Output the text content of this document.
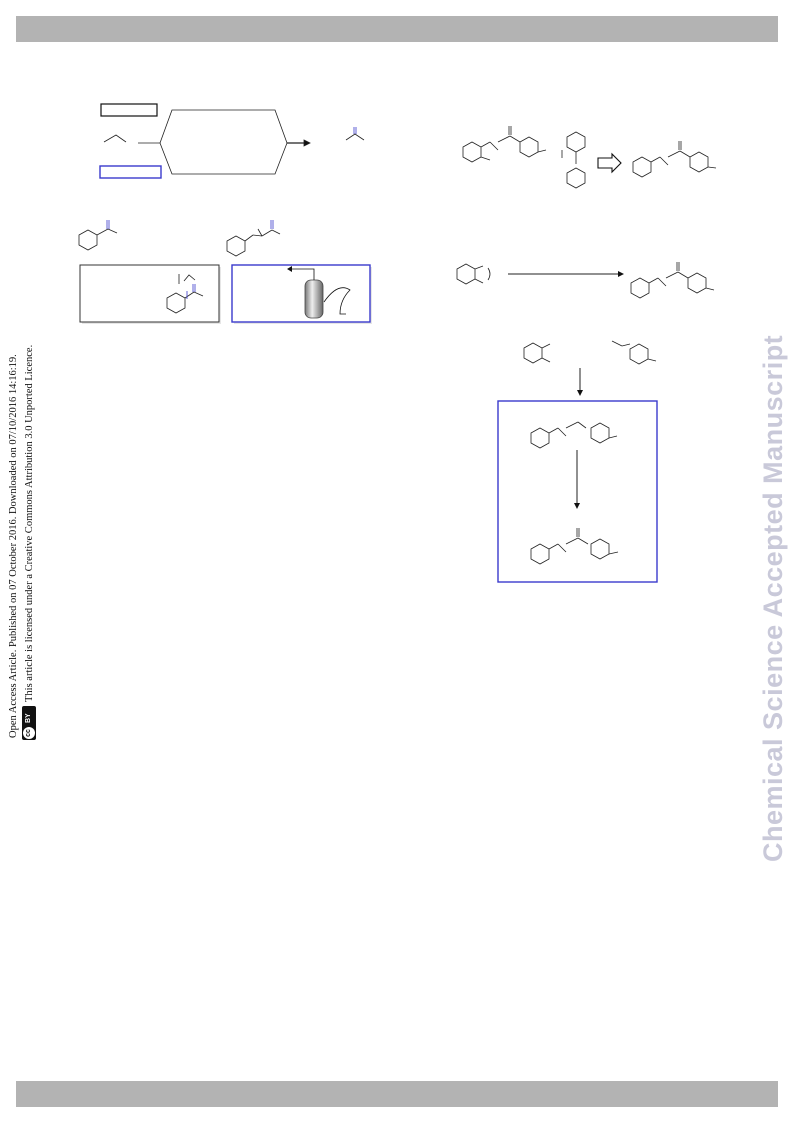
Open Access Article. Published on 07 October 2016. Downloaded on 07/10/2016 14:16:19. cc
BY
This article is licensed under a Creative Commons Attribution 3.0 Unported Licence.	Chemical Science Accepted Manuscript
